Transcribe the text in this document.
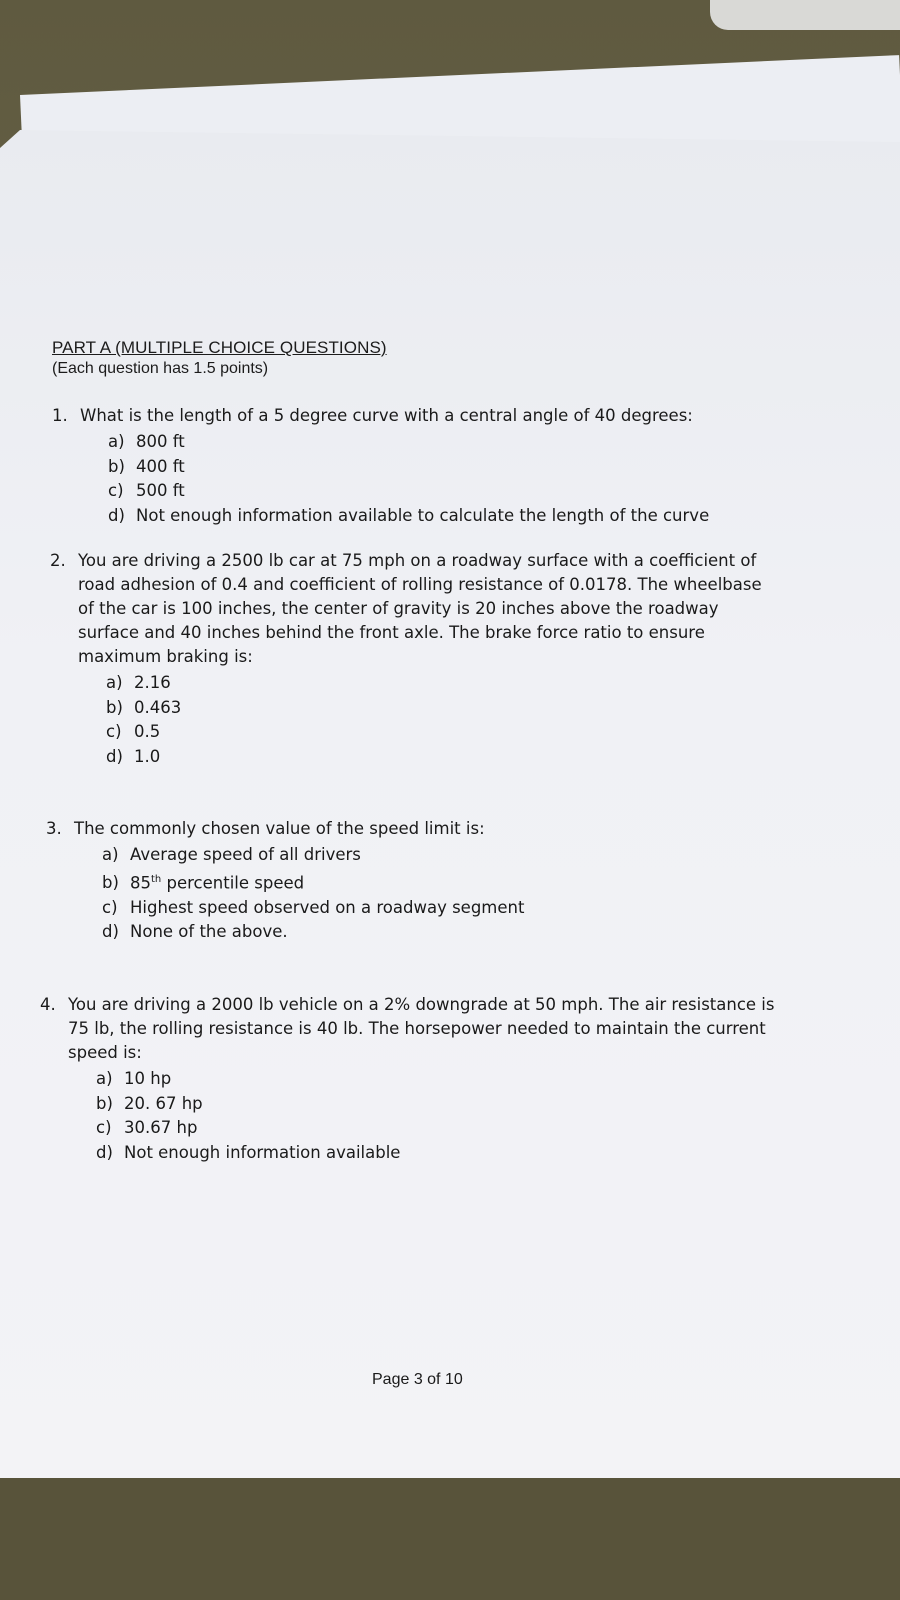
PART A (MULTIPLE CHOICE QUESTIONS)
(Each question has 1.5 points)
1. What is the length of a 5 degree curve with a central angle of 40 degrees:
a) 800 ft
b) 400 ft
c) 500 ft
d) Not enough information available to calculate the length of the curve
2. You are driving a 2500 lb car at 75 mph on a roadway surface with a coefficient of road adhesion of 0.4 and coefficient of rolling resistance of 0.0178. The wheelbase of the car is 100 inches, the center of gravity is 20 inches above the roadway surface and 40 inches behind the front axle. The brake force ratio to ensure maximum braking is:
a) 2.16
b) 0.463
c) 0.5
d) 1.0
3. The commonly chosen value of the speed limit is:
a) Average speed of all drivers
b) 85th percentile speed
c) Highest speed observed on a roadway segment
d) None of the above.
4. You are driving a 2000 lb vehicle on a 2% downgrade at 50 mph. The air resistance is 75 lb, the rolling resistance is 40 lb. The horsepower needed to maintain the current speed is:
a) 10 hp
b) 20. 67 hp
c) 30.67 hp
d) Not enough information available
Page 3 of 10
